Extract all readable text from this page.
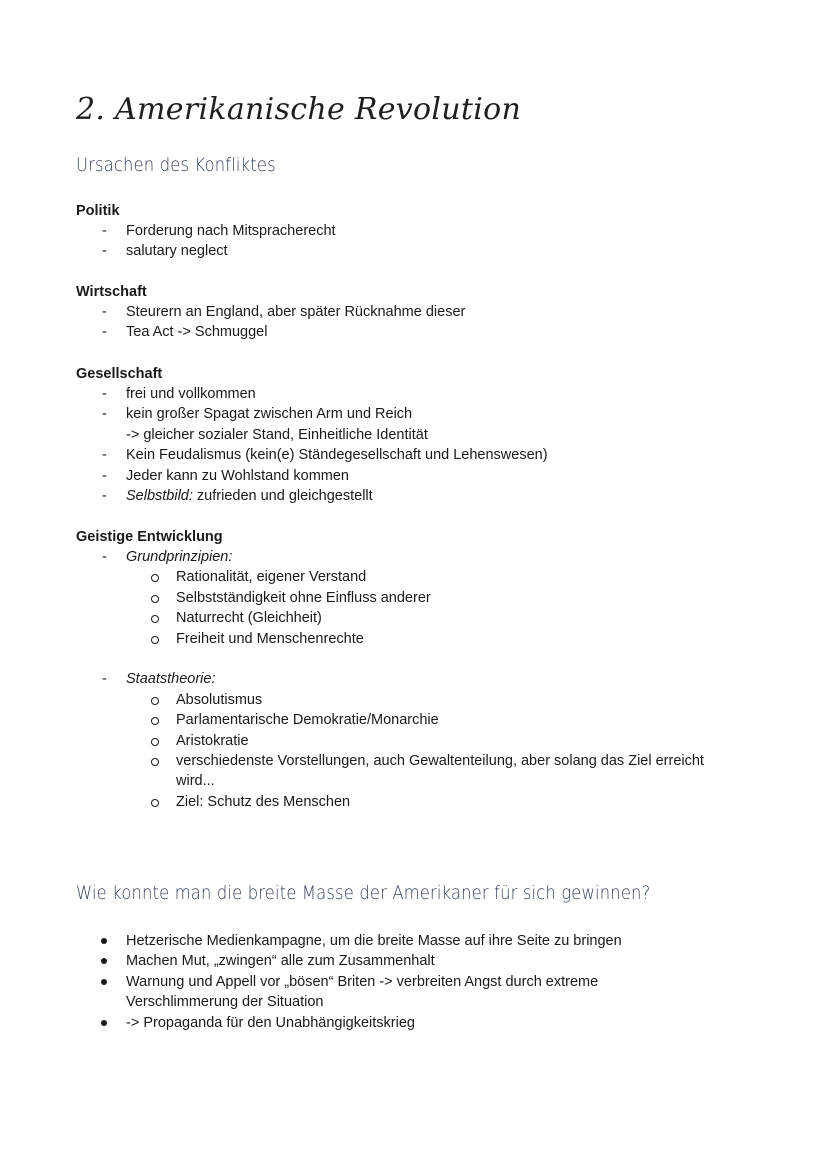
2. Amerikanische Revolution
Ursachen des Konfliktes
Politik
- Forderung nach Mitspracherecht
- salutary neglect
Wirtschaft
- Steurern an England, aber später Rücknahme dieser
- Tea Act -> Schmuggel
Gesellschaft
- frei und vollkommen
- kein großer Spagat zwischen Arm und Reich
-> gleicher sozialer Stand, Einheitliche Identität
- Kein Feudalismus (kein(e) Ständegesellschaft und Lehenswesen)
- Jeder kann zu Wohlstand kommen
- Selbstbild: zufrieden und gleichgestellt
Geistige Entwicklung
- Grundprinzipien:
Rationalität, eigener Verstand
Selbstständigkeit ohne Einfluss anderer
Naturrecht (Gleichheit)
Freiheit und Menschenrechte
- Staatstheorie:
Absolutismus
Parlamentarische Demokratie/Monarchie
Aristokratie
verschiedenste Vorstellungen, auch Gewaltenteilung, aber solang das Ziel erreicht
wird...
Ziel: Schutz des Menschen
Wie konnte man die breite Masse der Amerikaner für sich gewinnen?
Hetzerische Medienkampagne, um die breite Masse auf ihre Seite zu bringen
Machen Mut, „zwingen“ alle zum Zusammenhalt
Warnung und Appell vor „bösen“ Briten -> verbreiten Angst durch extreme
Verschlimmerung der Situation
-> Propaganda für den Unabhängigkeitskrieg
